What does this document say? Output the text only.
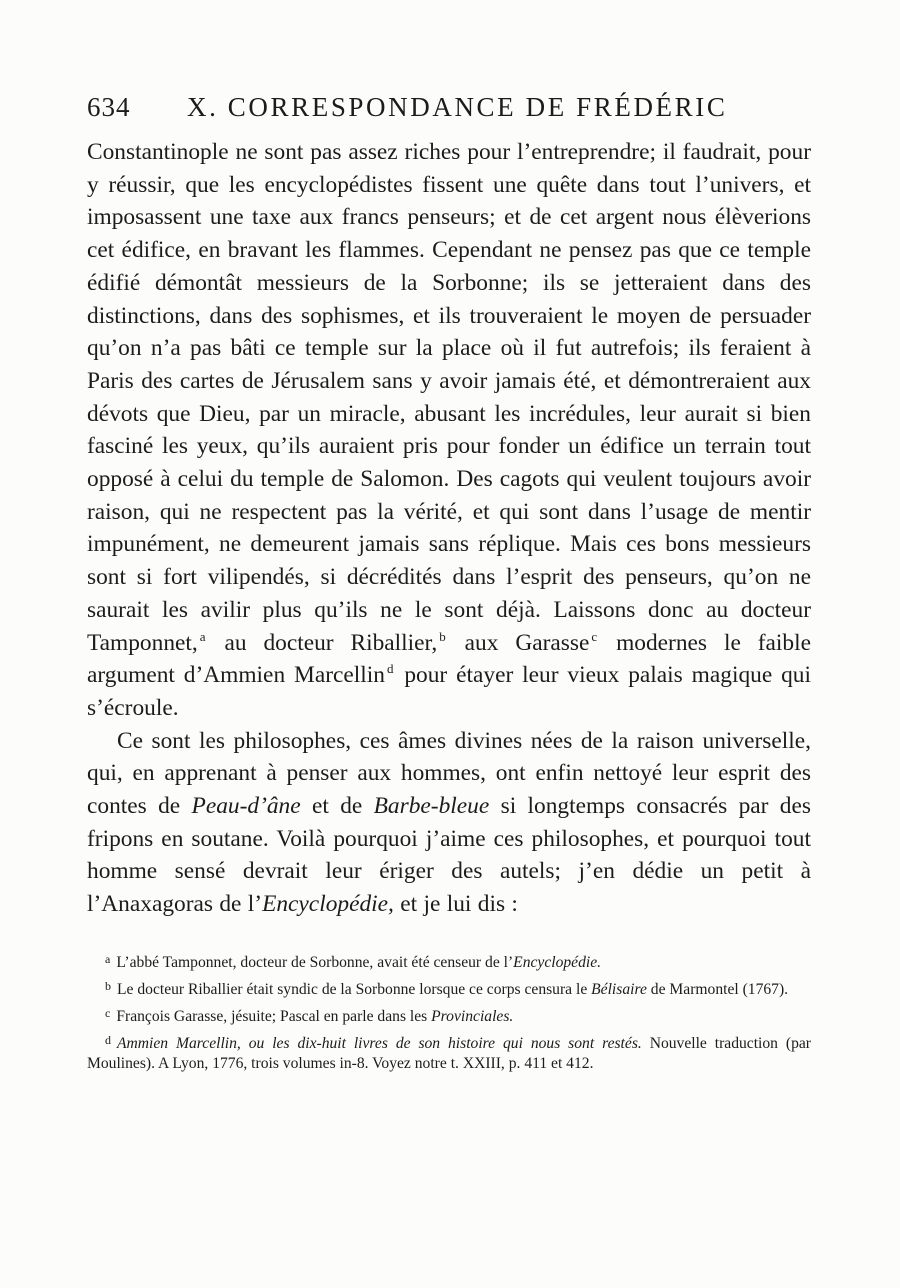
634	X. CORRESPONDANCE DE FRÉDÉRIC

Constantinople ne sont pas assez riches pour l’entreprendre; il faudrait, pour y réussir, que les encyclopédistes fissent une quête dans tout l’univers, et imposassent une taxe aux francs penseurs; et de cet argent nous élèverions cet édifice, en bravant les flammes. Cependant ne pensez pas que ce temple édifié démontât messieurs de la Sorbonne; ils se jetteraient dans des distinctions, dans des sophismes, et ils trouveraient le moyen de persuader qu’on n’a pas bâti ce temple sur la place où il fut autrefois; ils feraient à Paris des cartes de Jérusalem sans y avoir jamais été, et démontreraient aux dévots que Dieu, par un miracle, abusant les incrédules, leur aurait si bien fasciné les yeux, qu’ils auraient pris pour fonder un édifice un terrain tout opposé à celui du temple de Salomon. Des cagots qui veulent toujours avoir raison, qui ne respectent pas la vérité, et qui sont dans l’usage de mentir impunément, ne demeurent jamais sans réplique. Mais ces bons messieurs sont si fort vilipendés, si décrédités dans l’esprit des penseurs, qu’on ne saurait les avilir plus qu’ils ne le sont déjà. Laissons donc au docteur Tamponnet, $^a$ au docteur Riballier, $^b$ aux Garasse $^c$ modernes le faible argument d’Ammien Marcellin $^d$ pour étayer leur vieux palais magique qui s’écroule.

Ce sont les philosophes, ces âmes divines nées de la raison universelle, qui, en apprenant à penser aux hommes, ont enfin nettoyé leur esprit des contes de Peau-d’âne et de Barbe-bleue si longtemps consacrés par des fripons en soutane. Voilà pourquoi j’aime ces philosophes, et pourquoi tout homme sensé devrait leur ériger des autels; j’en dédie un petit à l’Anaxagoras de l’Encyclopédie, et je lui dis :

$^a$ L’abbé Tamponnet, docteur de Sorbonne, avait été censeur de l’Encyclopédie.

$^b$ Le docteur Riballier était syndic de la Sorbonne lorsque ce corps censura le Bélisaire de Marmontel (1767).

$^c$ François Garasse, jésuite; Pascal en parle dans les Provinciales.

$^d$ Ammien Marcellin, ou les dix-huit livres de son histoire qui nous sont restés. Nouvelle traduction (par Moulines). A Lyon, 1776, trois volumes in-8. Voyez notre t. XXIII, p. 411 et 412.
